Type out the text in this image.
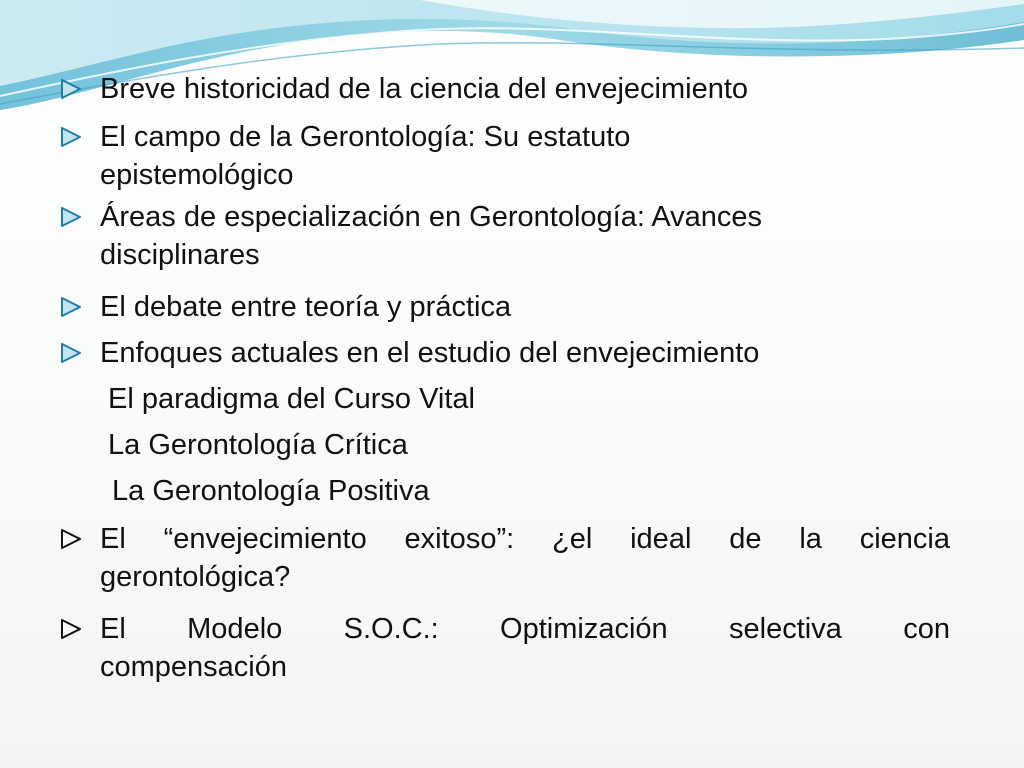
Breve historicidad de la ciencia del envejecimiento
El campo de la Gerontología: Su estatuto epistemológico
Áreas de especialización en Gerontología: Avances disciplinares
El debate entre teoría y práctica
Enfoques actuales en el estudio del envejecimiento
El paradigma del Curso Vital
La Gerontología Crítica
La Gerontología Positiva
El “envejecimiento exitoso”: ¿el ideal de la ciencia
gerontológica?
El Modelo S.O.C.: Optimización selectiva con
compensación
